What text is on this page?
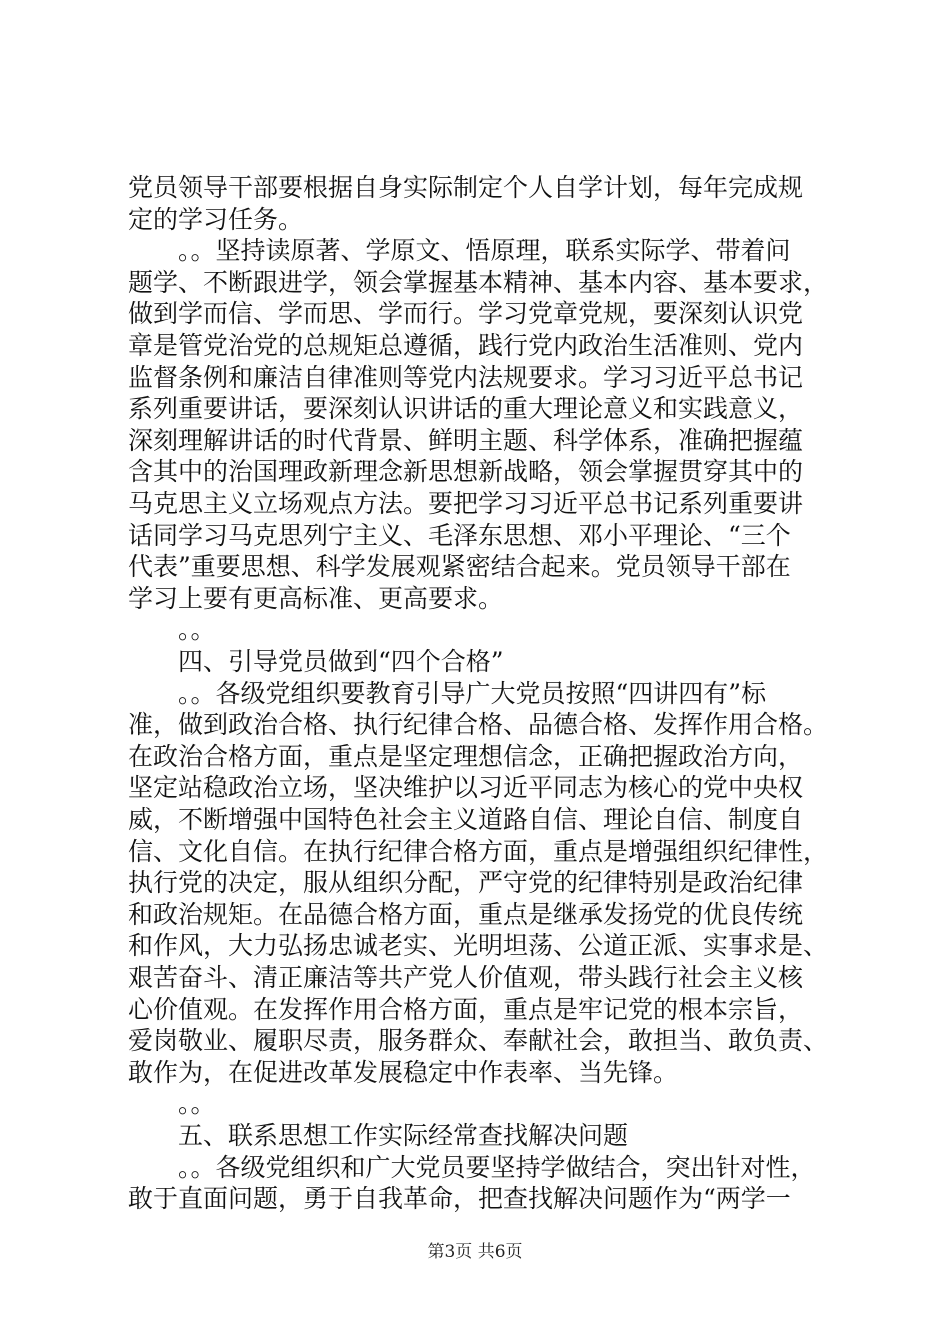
党员领导干部要根据自身实际制定个人自学计划，每年完成规
定的学习任务。
　　。。坚持读原著、学原文、悟原理，联系实际学、带着问
题学、不断跟进学，领会掌握基本精神、基本内容、基本要求，
做到学而信、学而思、学而行。学习党章党规，要深刻认识党
章是管党治党的总规矩总遵循，践行党内政治生活准则、党内
监督条例和廉洁自律准则等党内法规要求。学习习近平总书记
系列重要讲话，要深刻认识讲话的重大理论意义和实践意义，
深刻理解讲话的时代背景、鲜明主题、科学体系，准确把握蕴
含其中的治国理政新理念新思想新战略，领会掌握贯穿其中的
马克思主义立场观点方法。要把学习习近平总书记系列重要讲
话同学习马克思列宁主义、毛泽东思想、邓小平理论、“三个
代表”重要思想、科学发展观紧密结合起来。党员领导干部在
学习上要有更高标准、更高要求。
　　。。
　　四、引导党员做到“四个合格”
　　。。各级党组织要教育引导广大党员按照“四讲四有”标
准，做到政治合格、执行纪律合格、品德合格、发挥作用合格。
在政治合格方面，重点是坚定理想信念，正确把握政治方向，
坚定站稳政治立场，坚决维护以习近平同志为核心的党中央权
威，不断增强中国特色社会主义道路自信、理论自信、制度自
信、文化自信。在执行纪律合格方面，重点是增强组织纪律性，
执行党的决定，服从组织分配，严守党的纪律特别是政治纪律
和政治规矩。在品德合格方面，重点是继承发扬党的优良传统
和作风，大力弘扬忠诚老实、光明坦荡、公道正派、实事求是、
艰苦奋斗、清正廉洁等共产党人价值观，带头践行社会主义核
心价值观。在发挥作用合格方面，重点是牢记党的根本宗旨，
爱岗敬业、履职尽责，服务群众、奉献社会，敢担当、敢负责、
敢作为，在促进改革发展稳定中作表率、当先锋。
　　。。
　　五、联系思想工作实际经常查找解决问题
　　。。各级党组织和广大党员要坚持学做结合，突出针对性，
敢于直面问题，勇于自我革命，把查找解决问题作为“两学一
第3页 共6页
